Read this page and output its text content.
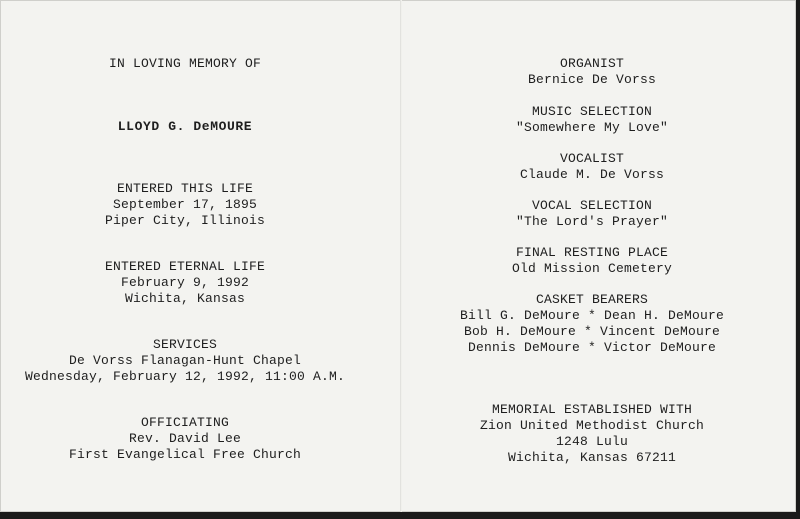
IN LOVING MEMORY OF
LLOYD G. DeMOURE
ENTERED THIS LIFE
September 17, 1895
Piper City, Illinois
ENTERED ETERNAL LIFE
February 9, 1992
Wichita, Kansas
SERVICES
De Vorss Flanagan-Hunt Chapel
Wednesday, February 12, 1992, 11:00 A.M.
OFFICIATING
Rev. David Lee
First Evangelical Free Church
ORGANIST
Bernice De Vorss
MUSIC SELECTION
"Somewhere My Love"
VOCALIST
Claude M. De Vorss
VOCAL SELECTION
"The Lord's Prayer"
FINAL RESTING PLACE
Old Mission Cemetery
CASKET BEARERS
Bill G. DeMoure * Dean H. DeMoure
Bob H. DeMoure * Vincent DeMoure
Dennis DeMoure * Victor DeMoure
MEMORIAL ESTABLISHED WITH
Zion United Methodist Church
1248 Lulu
Wichita, Kansas 67211
